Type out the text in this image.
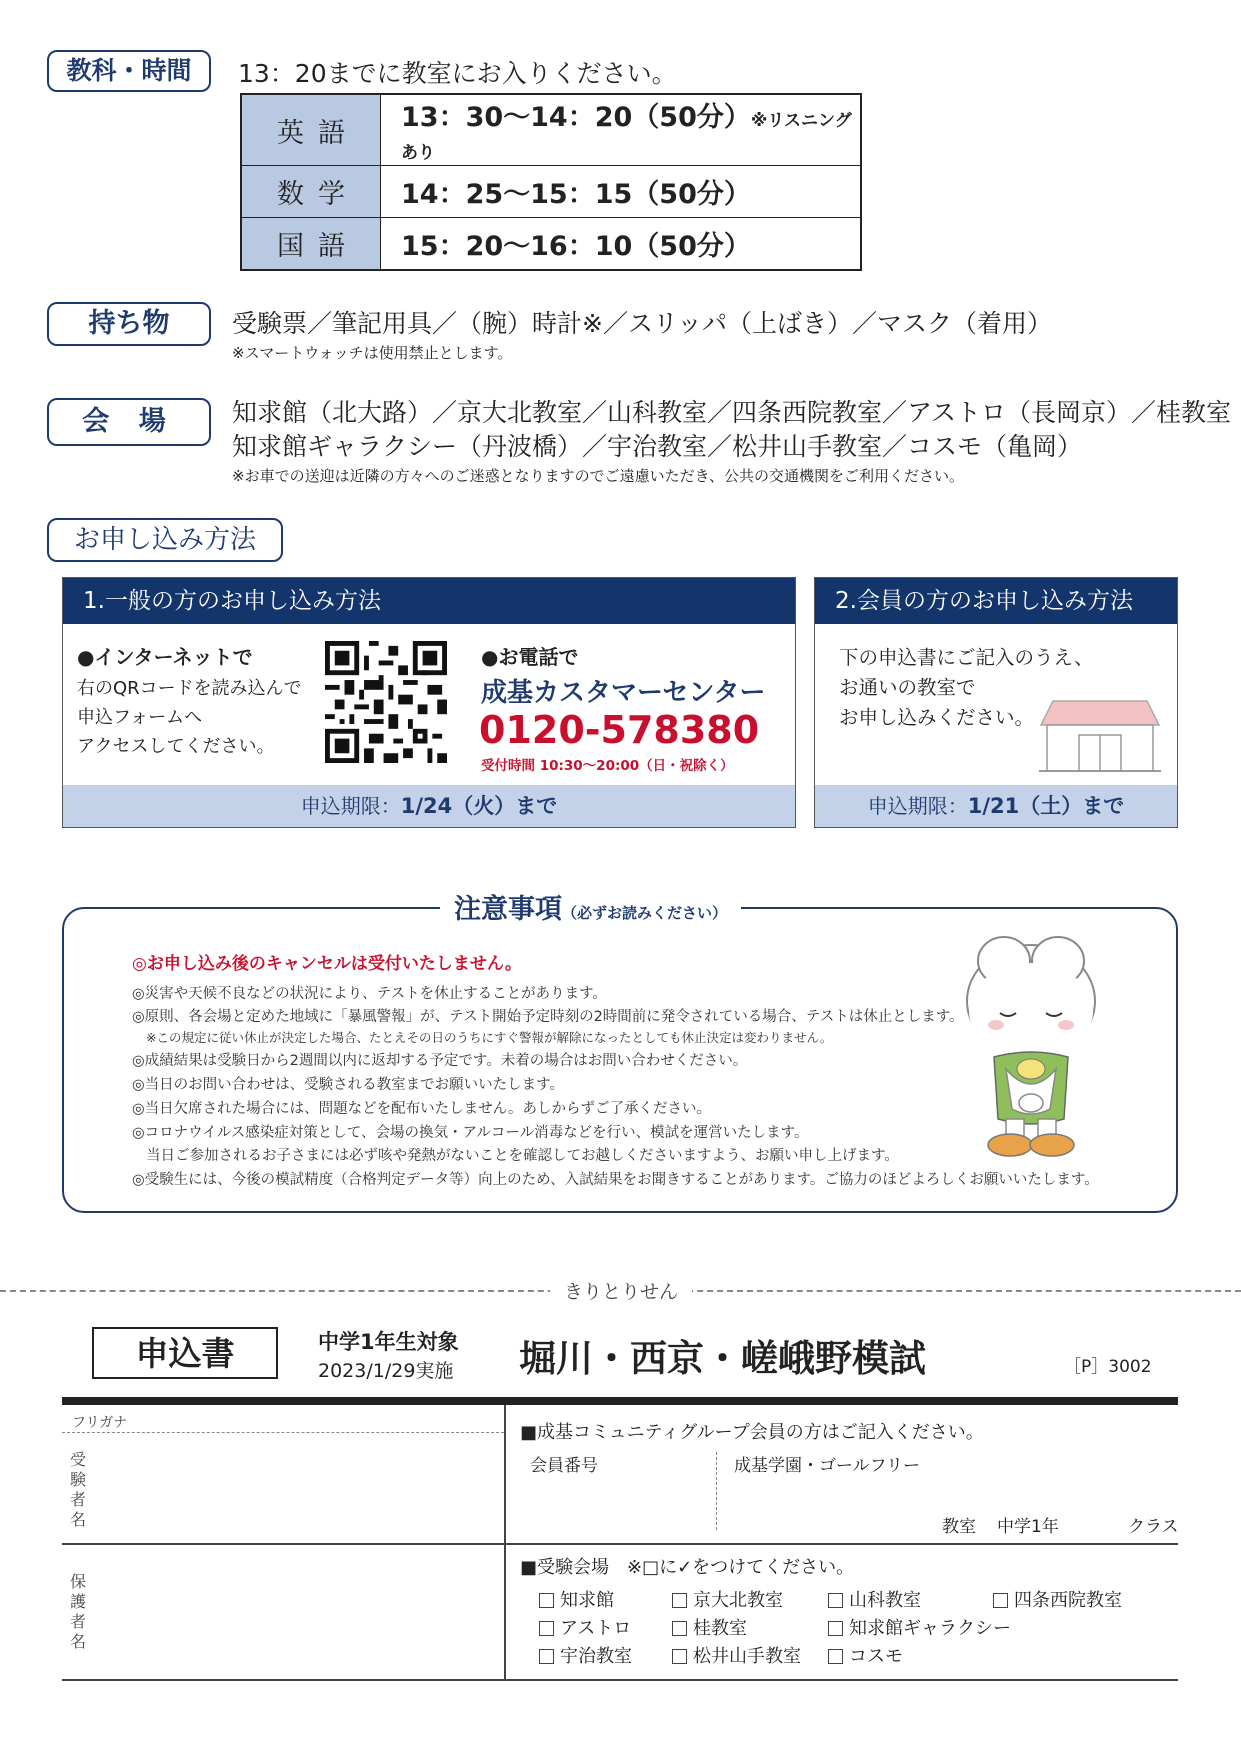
教科・時間	13：20までに教室にお入りください。
英語	13：30〜14：20（50分）※リスニングあり
数学	14：25〜15：15（50分）
国語	15：20〜16：10（50分）
持ち物	受験票／筆記用具／（腕）時計※／スリッパ（上ばき）／マスク（着用）
※スマートウォッチは使用禁止とします。
会 場	知求館（北大路）／京大北教室／山科教室／四条西院教室／アストロ（長岡京）／桂教室
知求館ギャラクシー（丹波橋）／宇治教室／松井山手教室／コスモ（亀岡）
※お車での送迎は近隣の方々へのご迷惑となりますのでご遠慮いただき、公共の交通機関をご利用ください。
お申し込み方法
1.一般の方のお申し込み方法
●インターネットで
右のQRコードを読み込んで
申込フォームへ
アクセスしてください。
●お電話で
成基カスタマーセンター
0120-578380
受付時間 10:30〜20:00（日・祝除く）
申込期限：1/24（火）まで
2.会員の方のお申し込み方法
下の申込書にご記入のうえ、
お通いの教室で
お申し込みください。
申込期限：1/21（土）まで
注意事項（必ずお読みください）
◎お申し込み後のキャンセルは受付いたしません。
◎災害や天候不良などの状況により、テストを休止することがあります。
◎原則、各会場と定めた地域に「暴風警報」が、テスト開始予定時刻の2時間前に発令されている場合、テストは休止とします。
※この規定に従い休止が決定した場合、たとえその日のうちにすぐ警報が解除になったとしても休止決定は変わりません。
◎成績結果は受験日から2週間以内に返却する予定です。未着の場合はお問い合わせください。
◎当日のお問い合わせは、受験される教室までお願いいたします。
◎当日欠席された場合には、問題などを配布いたしません。あしからずご了承ください。
◎コロナウイルス感染症対策として、会場の換気・アルコール消毒などを行い、模試を運営いたします。
当日ご参加されるお子さまには必ず咳や発熱がないことを確認してお越しくださいますよう、お願い申し上げます。
◎受験生には、今後の模試精度（合格判定データ等）向上のため、入試結果をお聞きすることがあります。ご協力のほどよろしくお願いいたします。
きりとりせん
申込書	中学1年生対象
2023/1/29実施 堀川・西京・嵯峨野模試	［P］3002
フリガナ
受験者名
保護者名
■成基コミュニティグループ会員の方はご記入ください。
会員番号	成基学園・ゴールフリー
教室 中学1年	クラス
■受験会場　※□に✓をつけてください。
知求館	京大北教室	山科教室	四条西院教室
アストロ	桂教室	知求館ギャラクシー
宇治教室	松井山手教室	コスモ
